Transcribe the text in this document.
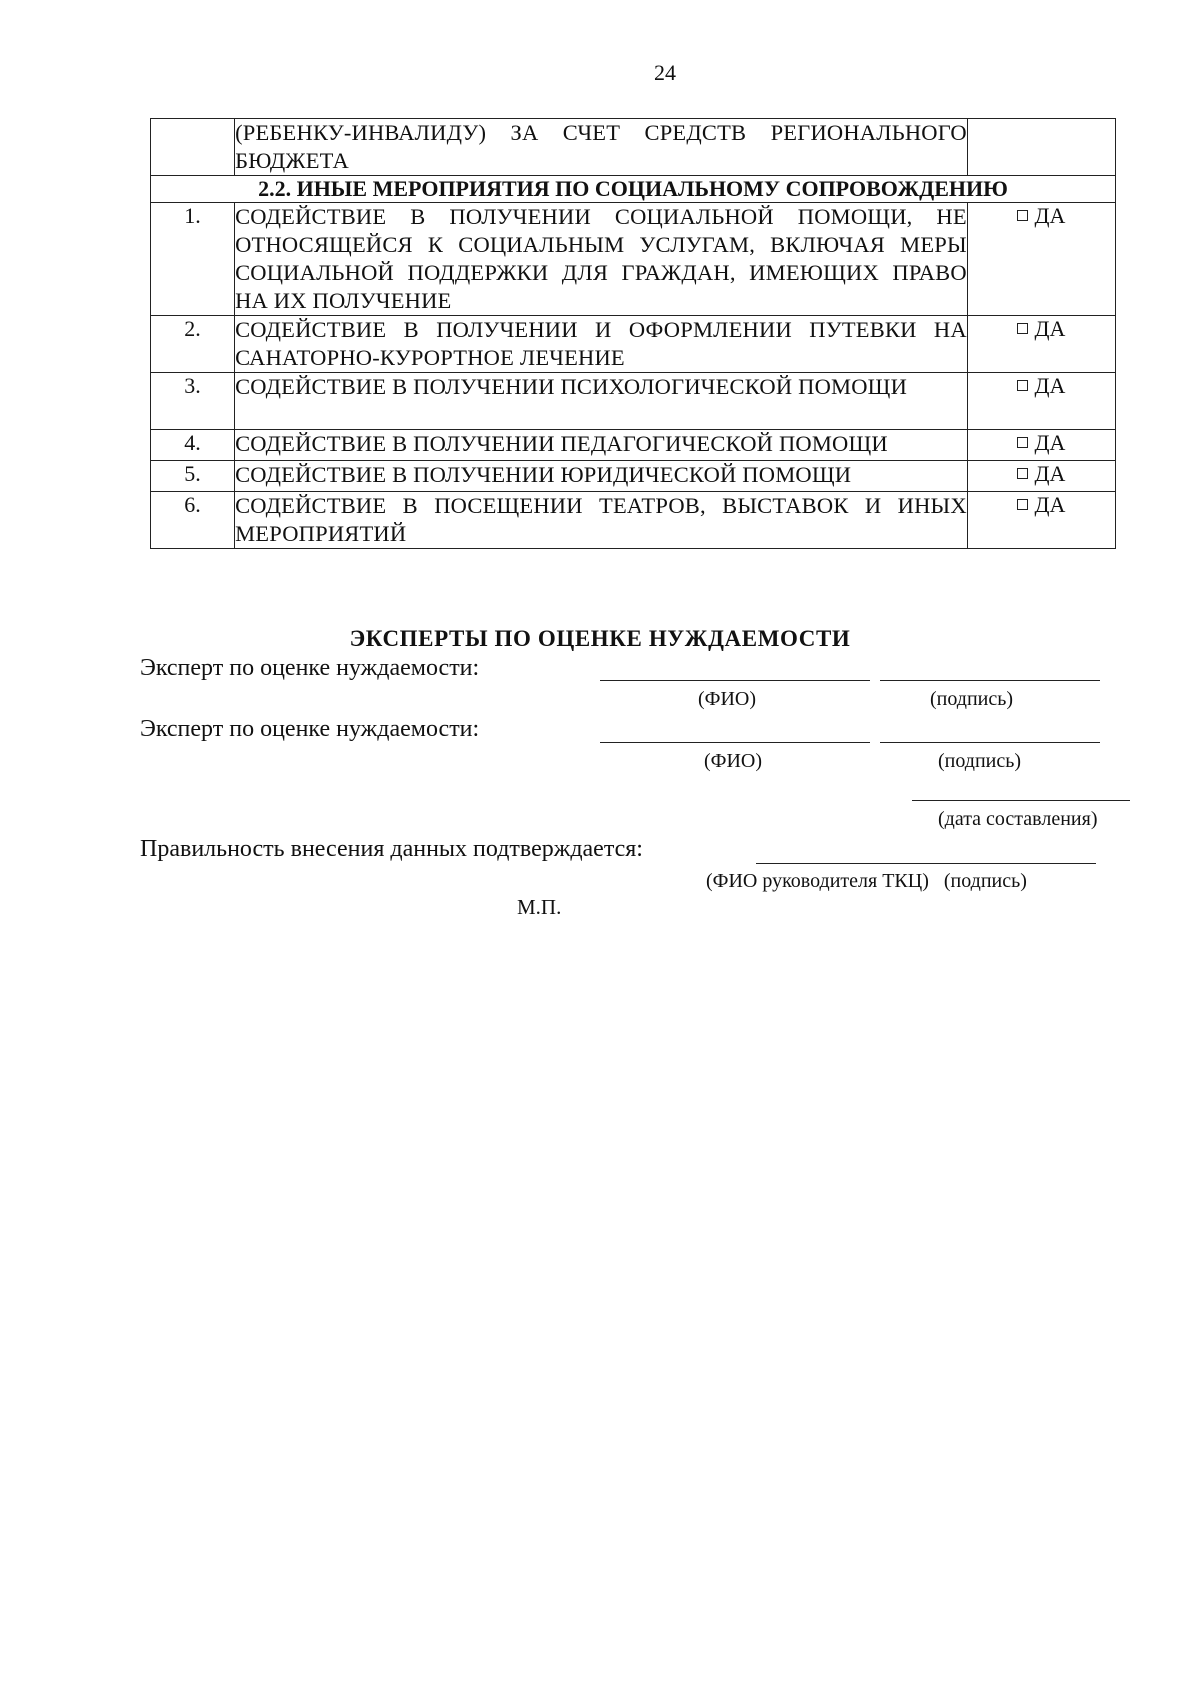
24
	(РЕБЕНКУ-ИНВАЛИДУ) ЗА СЧЕТ СРЕДСТВ РЕГИОНАЛЬНОГО БЮДЖЕТА	
2.2. ИНЫЕ МЕРОПРИЯТИЯ ПО СОЦИАЛЬНОМУ СОПРОВОЖДЕНИЮ		
1.	СОДЕЙСТВИЕ В ПОЛУЧЕНИИ СОЦИАЛЬНОЙ ПОМОЩИ, НЕ ОТНОСЯЩЕЙСЯ К СОЦИАЛЬНЫМ УСЛУГАМ, ВКЛЮЧАЯ МЕРЫ СОЦИАЛЬНОЙ ПОДДЕРЖКИ ДЛЯ ГРАЖДАН, ИМЕЮЩИХ ПРАВО НА ИХ ПОЛУЧЕНИЕ	ДА
2.	СОДЕЙСТВИЕ В ПОЛУЧЕНИИ И ОФОРМЛЕНИИ ПУТЕВКИ НА САНАТОРНО-КУРОРТНОЕ ЛЕЧЕНИЕ	ДА
3.	СОДЕЙСТВИЕ В ПОЛУЧЕНИИ ПСИХОЛОГИЧЕСКОЙ ПОМОЩИ	ДА
4.	СОДЕЙСТВИЕ В ПОЛУЧЕНИИ ПЕДАГОГИЧЕСКОЙ ПОМОЩИ	ДА
5.	СОДЕЙСТВИЕ В ПОЛУЧЕНИИ ЮРИДИЧЕСКОЙ ПОМОЩИ	ДА
6.	СОДЕЙСТВИЕ В ПОСЕЩЕНИИ ТЕАТРОВ, ВЫСТАВОК И ИНЫХ МЕРОПРИЯТИЙ	ДА
ЭКСПЕРТЫ ПО ОЦЕНКЕ НУЖДАЕМОСТИ
Эксперт по оценке нуждаемости:
(ФИО)	(подпись)
Эксперт по оценке нуждаемости:
(ФИО)	(подпись)
(дата составления)
Правильность внесения данных подтверждается:
(ФИО руководителя ТКЦ)   (подпись)
М.П.
